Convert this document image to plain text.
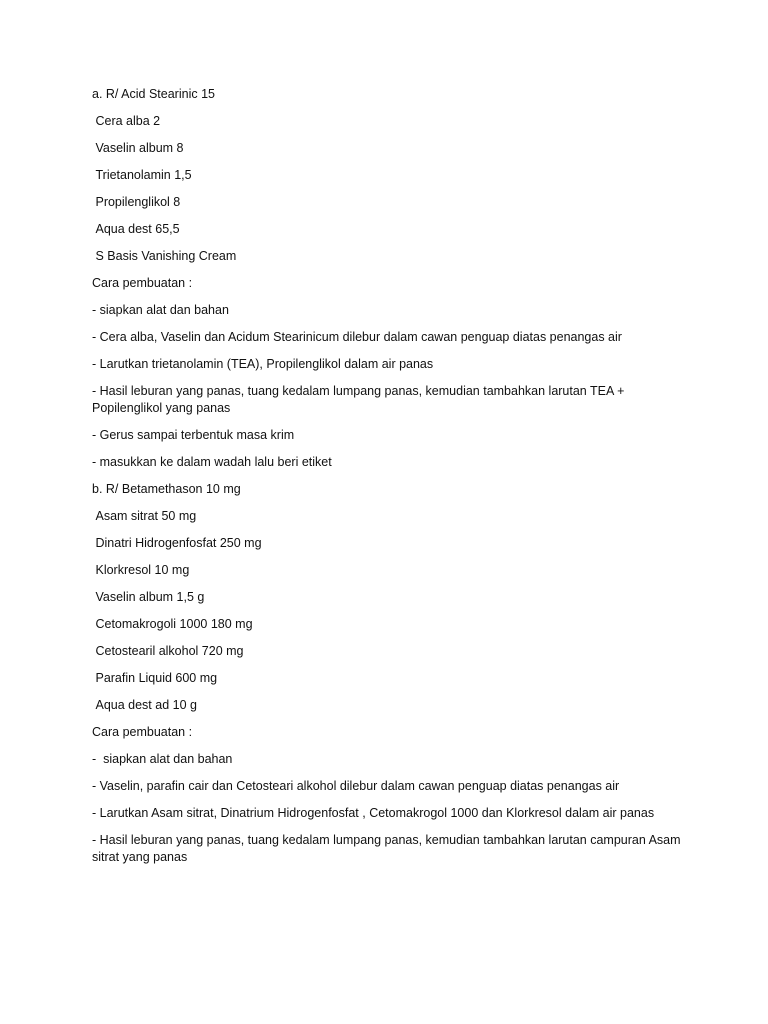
a. R/ Acid Stearinic 15
Cera alba 2
Vaselin album 8
Trietanolamin 1,5
Propilenglikol 8
Aqua dest 65,5
S Basis Vanishing Cream
Cara pembuatan :
- siapkan alat dan bahan
- Cera alba, Vaselin dan Acidum Stearinicum dilebur dalam cawan penguap diatas penangas air
- Larutkan trietanolamin (TEA), Propilenglikol dalam air panas
- Hasil leburan yang panas, tuang kedalam lumpang panas, kemudian tambahkan larutan TEA + Popilenglikol yang panas
- Gerus sampai terbentuk masa krim
- masukkan ke dalam wadah lalu beri etiket
b. R/ Betamethason 10 mg
Asam sitrat 50 mg
Dinatri Hidrogenfosfat 250 mg
Klorkresol 10 mg
Vaselin album 1,5 g
Cetomakrogoli 1000 180 mg
Cetostearil alkohol 720 mg
Parafin Liquid 600 mg
Aqua dest ad 10 g
Cara pembuatan :
-  siapkan alat dan bahan
- Vaselin, parafin cair dan Cetosteari alkohol dilebur dalam cawan penguap diatas penangas air
- Larutkan Asam sitrat, Dinatrium Hidrogenfosfat , Cetomakrogol 1000 dan Klorkresol dalam air panas
- Hasil leburan yang panas, tuang kedalam lumpang panas, kemudian tambahkan larutan campuran Asam sitrat yang panas
